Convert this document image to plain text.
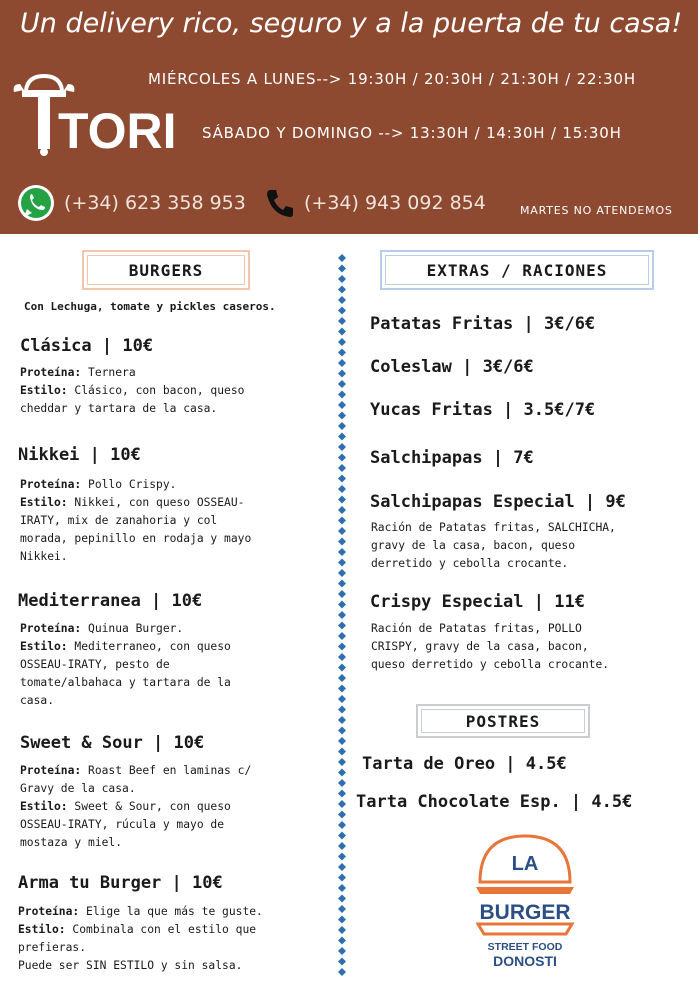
Un delivery rico, seguro y a la puerta de tu casa!
TORI
MIÉRCOLES A LUNES--> 19:30H / 20:30H / 21:30H / 22:30H
SÁBADO Y DOMINGO --> 13:30H / 14:30H / 15:30H
(+34) 623 358 953	(+34) 943 092 854	MARTES NO ATENDEMOS
BURGERS
Con Lechuga, tomate y pickles caseros.
Clásica | 10€
Proteína: Ternera
Estilo: Clásico, con bacon, queso
cheddar y tartara de la casa.
Nikkei | 10€
Proteína: Pollo Crispy.
Estilo: Nikkei, con queso OSSEAU-
IRATY, mix de zanahoria y col
morada, pepinillo en rodaja y mayo
Nikkei.
Mediterranea | 10€
Proteína: Quinua Burger.
Estilo: Mediterraneo, con queso
OSSEAU-IRATY, pesto de
tomate/albahaca y tartara de la
casa.
Sweet & Sour | 10€
Proteína: Roast Beef en laminas c/
Gravy de la casa.
Estilo: Sweet & Sour, con queso
OSSEAU-IRATY, rúcula y mayo de
mostaza y miel.
Arma tu Burger | 10€
Proteína: Elige la que más te guste.
Estilo: Combinala con el estilo que
prefieras.
Puede ser SIN ESTILO y sin salsa.
EXTRAS / RACIONES
Patatas Fritas | 3€/6€
Coleslaw | 3€/6€
Yucas Fritas | 3.5€/7€
Salchipapas | 7€
Salchipapas Especial | 9€
Ración de Patatas fritas, SALCHICHA,
gravy de la casa, bacon, queso
derretido y cebolla crocante.
Crispy Especial | 11€
Ración de Patatas fritas, POLLO
CRISPY, gravy de la casa, bacon,
queso derretido y cebolla crocante.
POSTRES
Tarta de Oreo | 4.5€
Tarta Chocolate Esp. | 4.5€
LA
BURGER
STREET FOOD
DONOSTI
